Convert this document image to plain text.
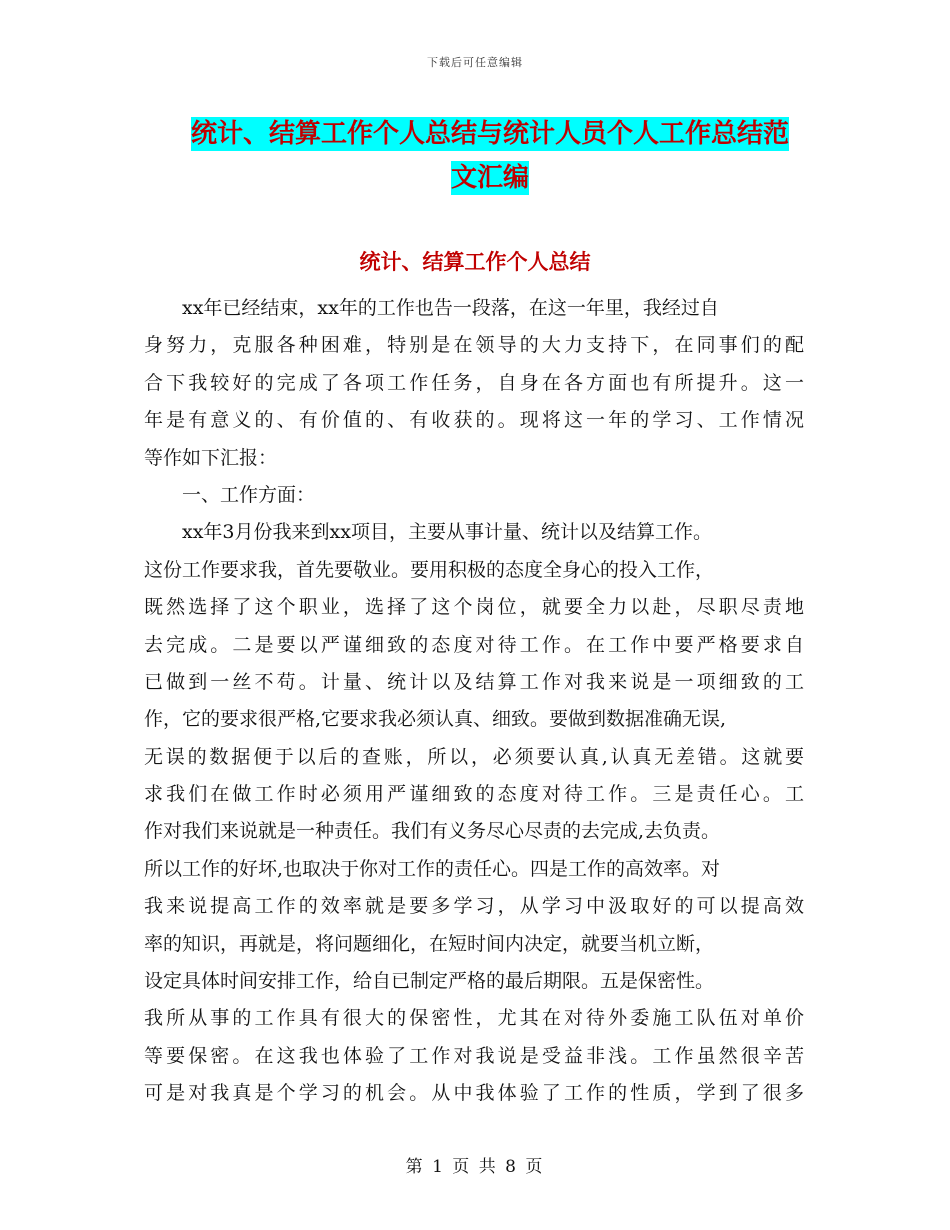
下载后可任意编辑
统计、结算工作个人总结与统计人员个人工作总结范
文汇编
统计、结算工作个人总结
xx年已经结束，xx年的工作也告一段落，在这一年里，我经过自
身努力，克服各种困难，特别是在领导的大力支持下，在同事们的配
合下我较好的完成了各项工作任务，自身在各方面也有所提升。这一
年是有意义的、有价值的、有收获的。现将这一年的学习、工作情况
等作如下汇报：
一、工作方面：
xx年3月份我来到xx项目，主要从事计量、统计以及结算工作。
这份工作要求我，首先要敬业。要用积极的态度全身心的投入工作，
既然选择了这个职业，选择了这个岗位，就要全力以赴，尽职尽责地
去完成。二是要以严谨细致的态度对待工作。在工作中要严格要求自
已做到一丝不苟。计量、统计以及结算工作对我来说是一项细致的工
作，它的要求很严格,它要求我必须认真、细致。要做到数据准确无误,
无误的数据便于以后的查账，所以，必须要认真,认真无差错。这就要
求我们在做工作时必须用严谨细致的态度对待工作。三是责任心。工
作对我们来说就是一种责任。我们有义务尽心尽责的去完成,去负责。
所以工作的好坏,也取决于你对工作的责任心。四是工作的高效率。对
我来说提高工作的效率就是要多学习，从学习中汲取好的可以提高效
率的知识，再就是，将问题细化，在短时间内决定，就要当机立断，
设定具体时间安排工作，给自已制定严格的最后期限。五是保密性。
我所从事的工作具有很大的保密性，尤其在对待外委施工队伍对单价
等要保密。在这我也体验了工作对我说是受益非浅。工作虽然很辛苦
可是对我真是个学习的机会。从中我体验了工作的性质，学到了很多
第 1 页 共 8 页
